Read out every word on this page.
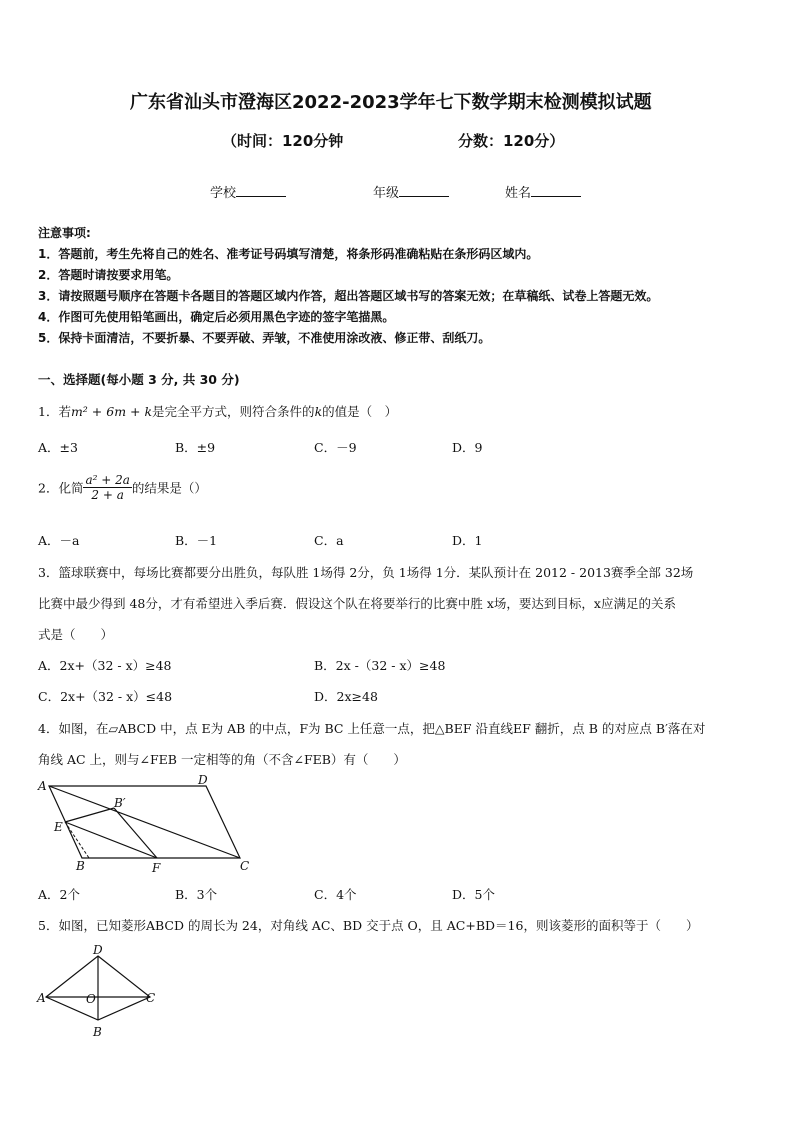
广东省汕头市澄海区2022-2023学年七下数学期末检测模拟试题
（时间：120分钟	分数：120分）
学校	年级	姓名
注意事项:
1．答题前，考生先将自己的姓名、准考证号码填写清楚，将条形码准确粘贴在条形码区域内。
2．答题时请按要求用笔。
3．请按照题号顺序在答题卡各题目的答题区域内作答，超出答题区域书写的答案无效；在草稿纸、试卷上答题无效。
4．作图可先使用铅笔画出，确定后必须用黑色字迹的签字笔描黑。
5．保持卡面清洁，不要折暴、不要弄破、弄皱，不准使用涂改液、修正带、刮纸刀。
一、选择题(每小题 3 分, 共 30 分)
1．若m² + 6m + k是完全平方式，则符合条件的k的值是（　）
A．±3	B．±9	C．－9	D．9
2．化简 $\frac{\text{a² + 2a}}{2 + a}$ 的结果是（）
A．－a	B．－1	C．a	D．1
3．篮球联赛中，每场比赛都要分出胜负，每队胜 1场得 2分，负 1场得 1分．某队预计在 2012 - 2013赛季全部 32场
比赛中最少得到 48分，才有希望进入季后赛．假设这个队在将要举行的比赛中胜 x场，要达到目标，x应满足的关系
式是（　　）
A．2x+（32 - x）≥48	B．2x -（32 - x）≥48
C．2x+（32 - x）≤48	D．2x≥48
4．如图，在▱ABCD 中，点 E为 AB 的中点，F为 BC 上任意一点，把△BEF 沿直线EF 翻折，点 B 的对应点 B′落在对
角线 AC 上，则与∠FEB 一定相等的角（不含∠FEB）有（　　）
A	D
B′
E
B	F	C
A．2个	B．3个	C．4个	D．5个
5．如图，已知菱形ABCD 的周长为 24，对角线 AC、BD 交于点 O，且 AC+BD＝16，则该菱形的面积等于（　　）
D
A	O	C
B
